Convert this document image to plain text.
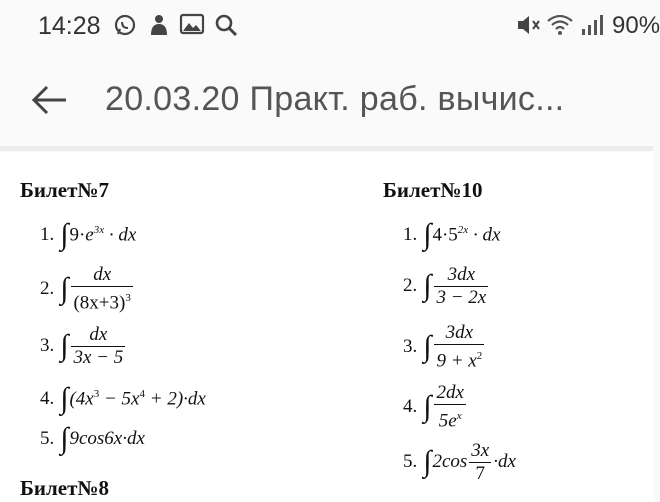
14:28	90%
20.03.20 Практ. раб. вычис...
Билет№7
1. $\int 9\cdot e^{3x}$ · dx
2. ∫ $\frac{dx}{(8x+3)^3}$
3. ∫ $\frac{dx}{3x - 5}$
4. $\int(4x^3 - 5x^4 + 2)\cdot dx$
5. ∫9cos6x·dx
Билет№8
Билет№10
1. $\int 4\cdot 5^{2x}$ · dx
2. ∫ $\frac{3dx}{3 - 2x}$
3. ∫ $\frac{3dx}{9 + x^2}$
4. ∫ $\frac{2dx}{5e^x}$
5. $\int 2\cos \frac{3x}{7} \cdot dx$
